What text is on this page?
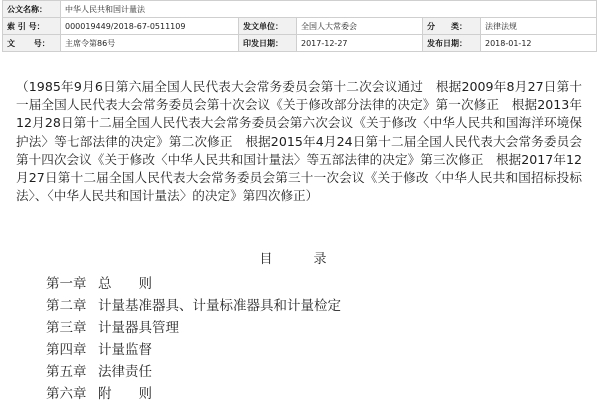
公文名称：	中华人民共和国计量法				
索 引 号：	000019449/2018-67-0511109	发文单位：	全国人大常委会	分　　类：	法律法规
文 　　号：	主席令第86号	印发日期：	2017-12-27	发布日期：	2018-01-12
（1985年9月6日第六届全国人民代表大会常务委员会第十二次会议通过　根据2009年8月27日第十一届全国人民代表大会常务委员会第十次会议《关于修改部分法律的决定》第一次修正　根据2013年12月28日第十二届全国人民代表大会常务委员会第六次会议《关于修改〈中华人民共和国海洋环境保护法〉等七部法律的决定》第二次修正　根据2015年4月24日第十二届全国人民代表大会常务委员会第十四次会议《关于修改〈中华人民共和国计量法〉等五部法律的决定》第三次修正　根据2017年12月27日第十二届全国人民代表大会常务委员会第三十一次会议《关于修改〈中华人民共和国招标投标法〉、〈中华人民共和国计量法〉的决定》第四次修正）
目　录
第一章 总　　则
第二章 计量基准器具、计量标准器具和计量检定
第三章 计量器具管理
第四章 计量监督
第五章 法律责任
第六章 附　　则
